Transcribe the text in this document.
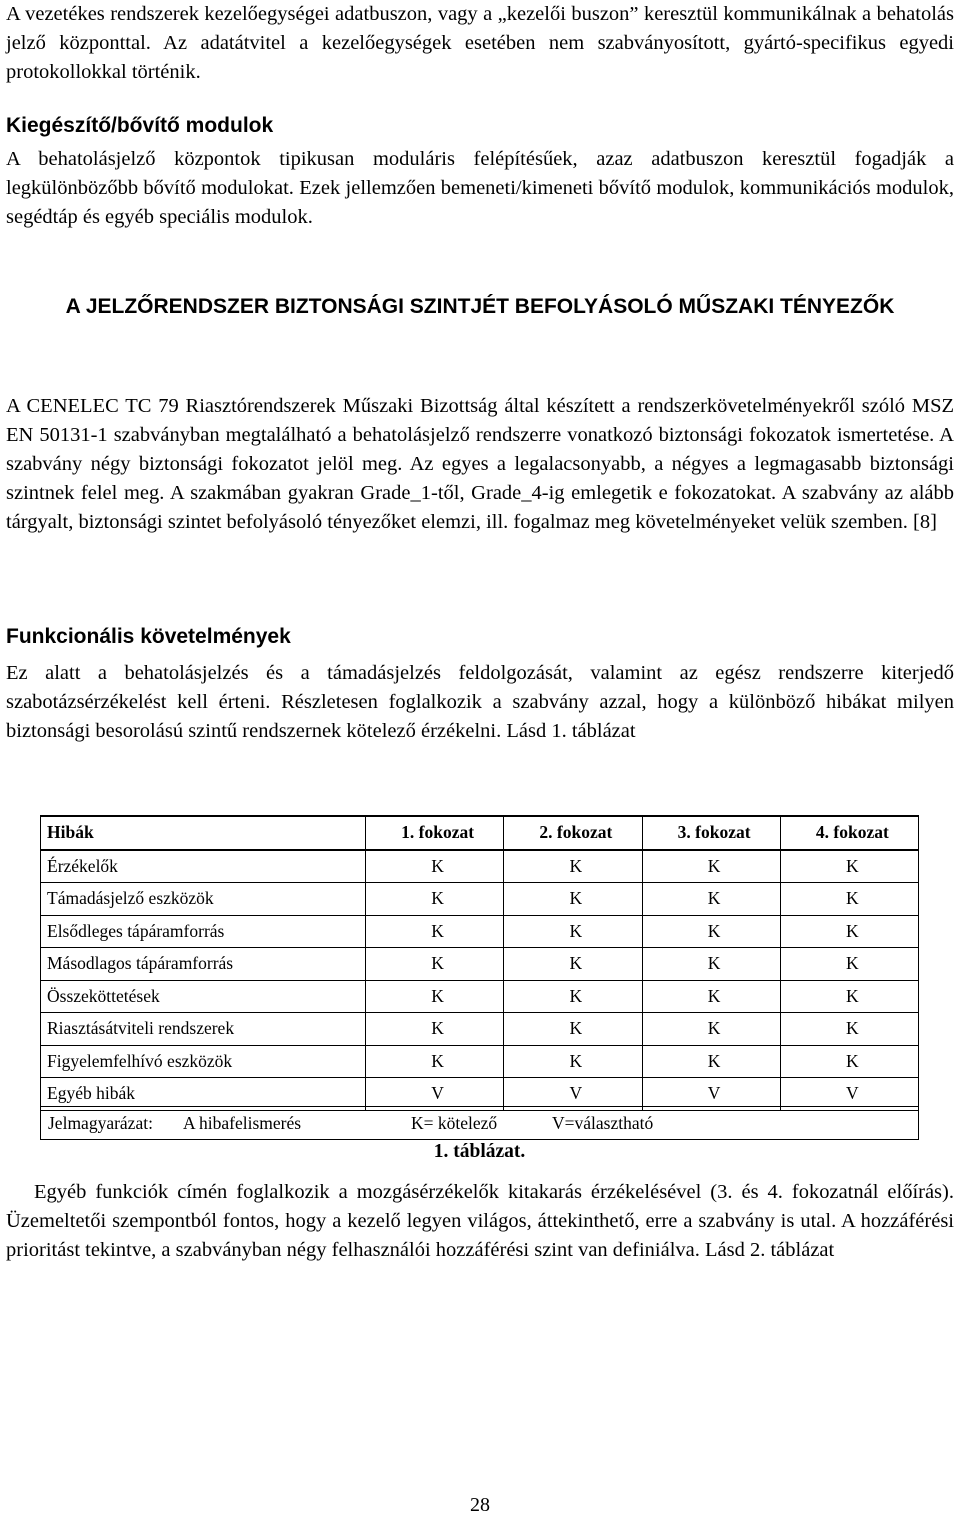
A vezetékes rendszerek kezelőegységei adatbuszon, vagy a „kezelői buszon” keresztül kommunikálnak a behatolás jelző központtal. Az adatátvitel a kezelőegységek esetében nem szabványosított, gyártó-specifikus egyedi protokollokkal történik.

Kiegészítő/bővítő modulok

A behatolásjelző központok tipikusan moduláris felépítésűek, azaz adatbuszon keresztül fogadják a legkülönbözőbb bővítő modulokat. Ezek jellemzően bemeneti/kimeneti bővítő modulok, kommunikációs modulok, segédtáp és egyéb speciális modulok.

A JELZŐRENDSZER BIZTONSÁGI SZINTJÉT BEFOLYÁSOLÓ MŰSZAKI TÉNYEZŐK

A CENELEC TC 79 Riasztórendszerek Műszaki Bizottság által készített a rendszerkövetelményekről szóló MSZ EN 50131-1 szabványban megtalálható a behatolásjelző rendszerre vonatkozó biztonsági fokozatok ismertetése. A szabvány négy biztonsági fokozatot jelöl meg. Az egyes a legalacsonyabb, a négyes a legmagasabb biztonsági szintnek felel meg. A szakmában gyakran Grade_1-től, Grade_4-ig emlegetik e fokozatokat. A szabvány az alább tárgyalt, biztonsági szintet befolyásoló tényezőket elemzi, ill. fogalmaz meg követelményeket velük szemben. [8]

Funkcionális követelmények

Ez alatt a behatolásjelzés és a támadásjelzés feldolgozását, valamint az egész rendszerre kiterjedő szabotázsérzékelést kell érteni. Részletesen foglalkozik a szabvány azzal, hogy a különböző hibákat milyen biztonsági besorolású szintű rendszernek kötelező érzékelni. Lásd 1. táblázat

Hibák	1. fokozat	2. fokozat	3. fokozat	4. fokozat
Érzékelők	K	K	K	K
Támadásjelző eszközök	K	K	K	K
Elsődleges tápáramforrás	K	K	K	K
Másodlagos tápáramforrás	K	K	K	K
Összeköttetések	K	K	K	K
Riasztásátviteli rendszerek	K	K	K	K
Figyelemfelhívó eszközök	K	K	K	K
Egyéb hibák	V	V	V	V
Jelmagyarázat: A hibafelismerés	K= kötelező	V=választható
1. táblázat.

Egyéb funkciók címén foglalkozik a mozgásérzékelők kitakarás érzékelésével (3. és 4. fokozatnál előírás). Üzemeltetői szempontból fontos, hogy a kezelő legyen világos, áttekinthető, erre a szabvány is utal. A hozzáférési prioritást tekintve, a szabványban négy felhasználói hozzáférési szint van definiálva. Lásd 2. táblázat

28
